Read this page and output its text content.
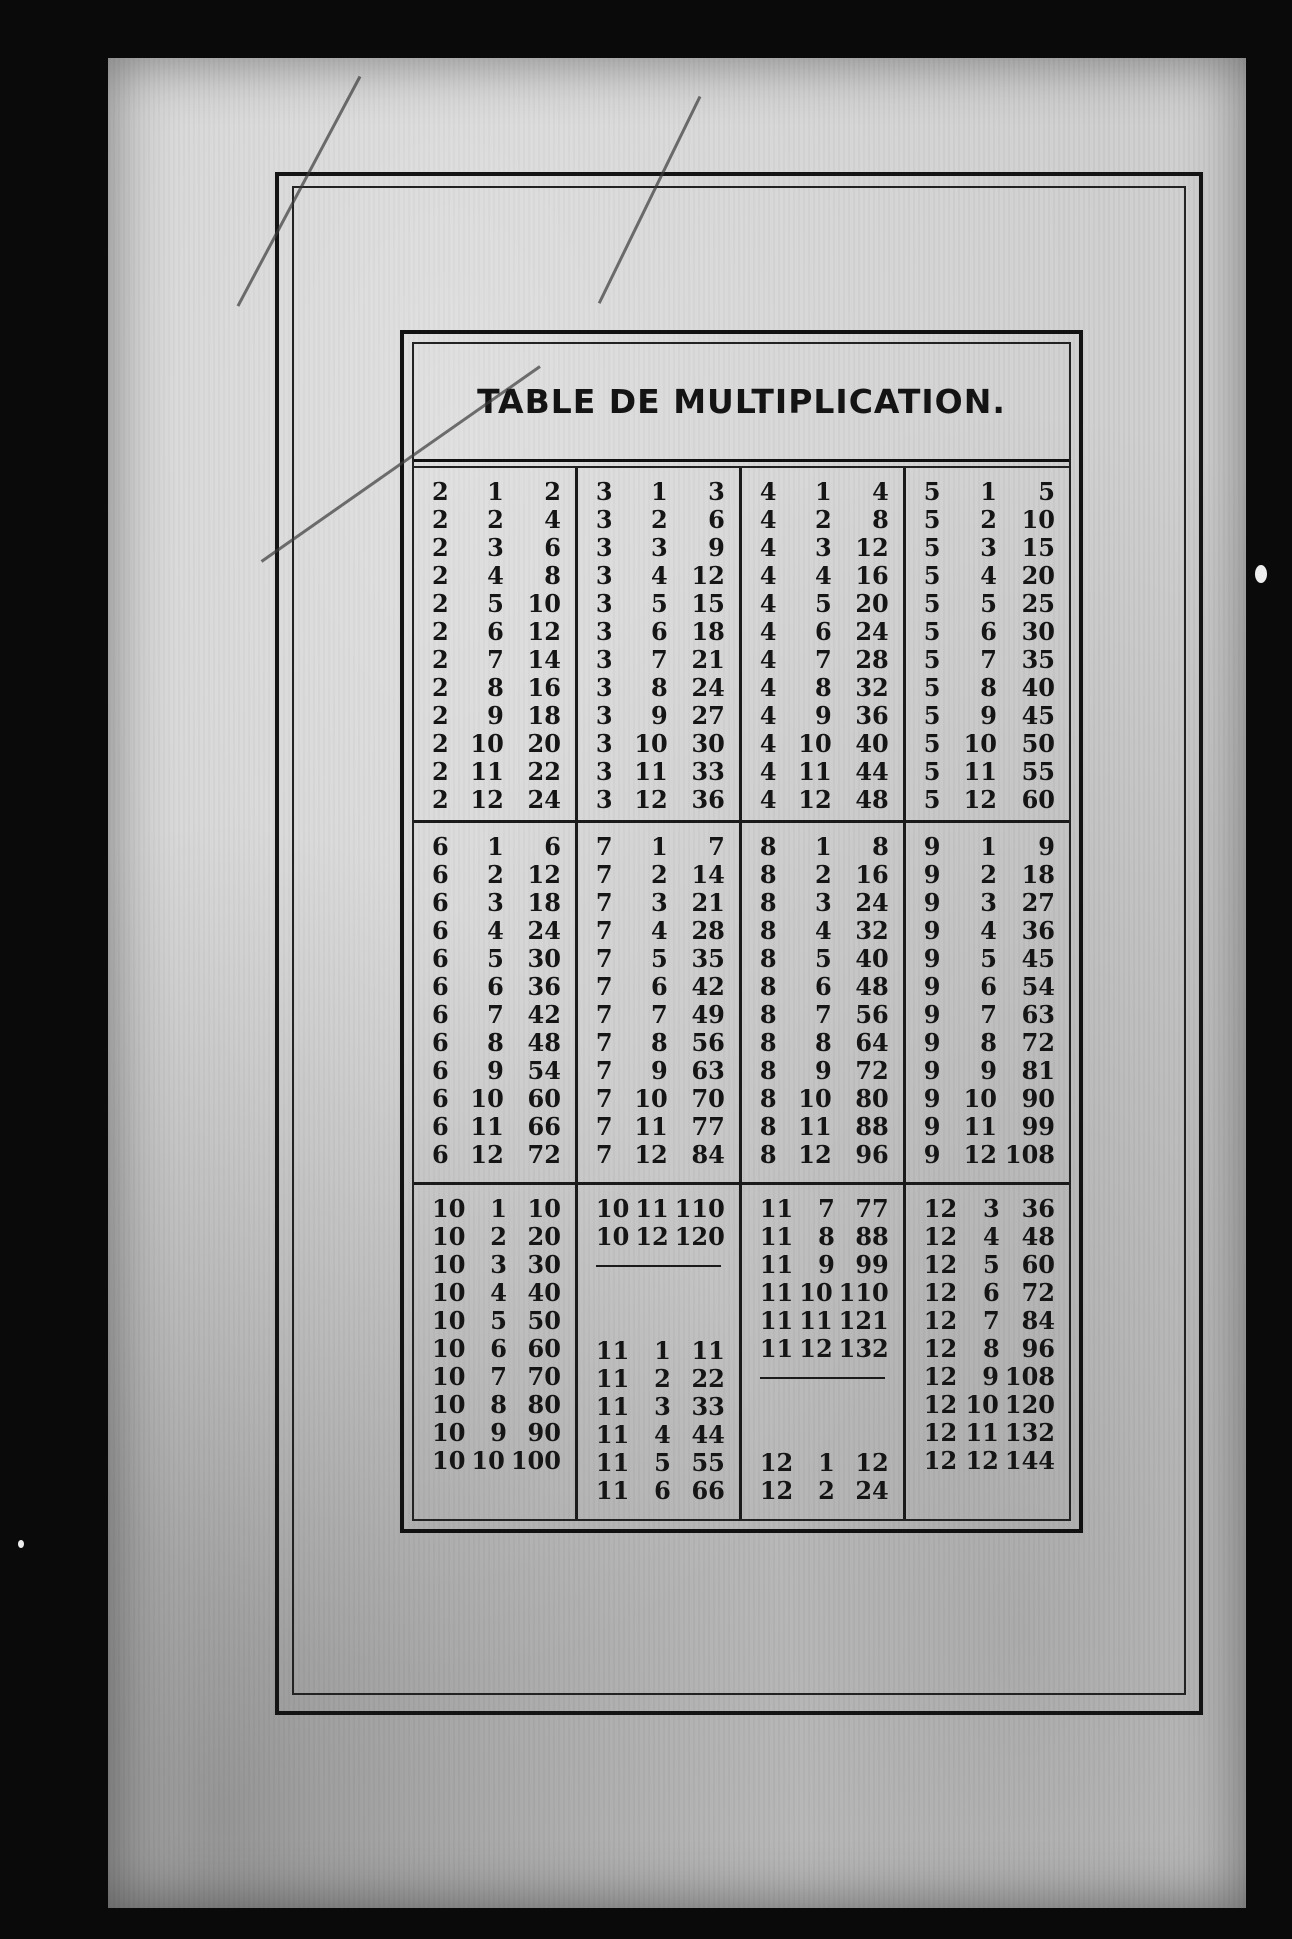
TABLE DE MULTIPLICATION.
2	1	2
2	2	4
2	3	6
2	4	8
2	5 10
2	6 12
2	7 14
2	8 16
2	9 18
2 10 20
2 11 22
2 12 24
3	1	3
3	2	6
3	3	9
3	4 12
3	5 15
3	6 18
3	7 21
3	8 24
3	9 27
3 10 30
3 11 33
3 12 36
4	1	4
4	2	8
4	3 12
4	4 16
4	5 20
4	6 24
4	7 28
4	8 32
4	9 36
4 10 40
4 11 44
4 12 48
5	1	5
5	2	10
5	3	15
5	4	20
5	5	25
5	6	30
5	7	35
5	8	40
5	9	45
5 10	50
5 11	55
5 12	60
6	1	6
6	2 12
6	3 18
6	4 24
6	5 30
6	6 36
6	7 42
6	8 48
6	9 54
6 10 60
6 11 66
6 12 72
7	1	7
7	2 14
7	3 21
7	4 28
7	5 35
7	6 42
7	7 49
7	8 56
7	9 63
7 10 70
7 11 77
7 12 84
8	1	8
8	2 16
8	3 24
8	4 32
8	5 40
8	6 48
8	7 56
8	8 64
8	9 72
8 10 80
8 11 88
8 12 96
9	1	9
9	2	18
9	3	27
9	4	36
9	5	45
9	6	54
9	7	63
9	8	72
9	9	81
9 10	90
9 11	99
9 12 108
10	1 10
10	2 20
10	3 30
10	4 40
10	5 50
10	6 60
10	7 70
10	8 80
10	9 90
10 10 100
10 11 110
10 12 120
11	1 11
11	2 22
11	3 33
11	4 44
11	5 55
11	6 66
11	7 77
11	8 88
11	9 99
11 10 110
11 11 121
11 12 132
12	1 12
12	2 24
12	3 36
12	4 48
12	5 60
12	6 72
12	7 84
12	8 96
12	9 108
12 10 120
12 11 132
12 12 144
